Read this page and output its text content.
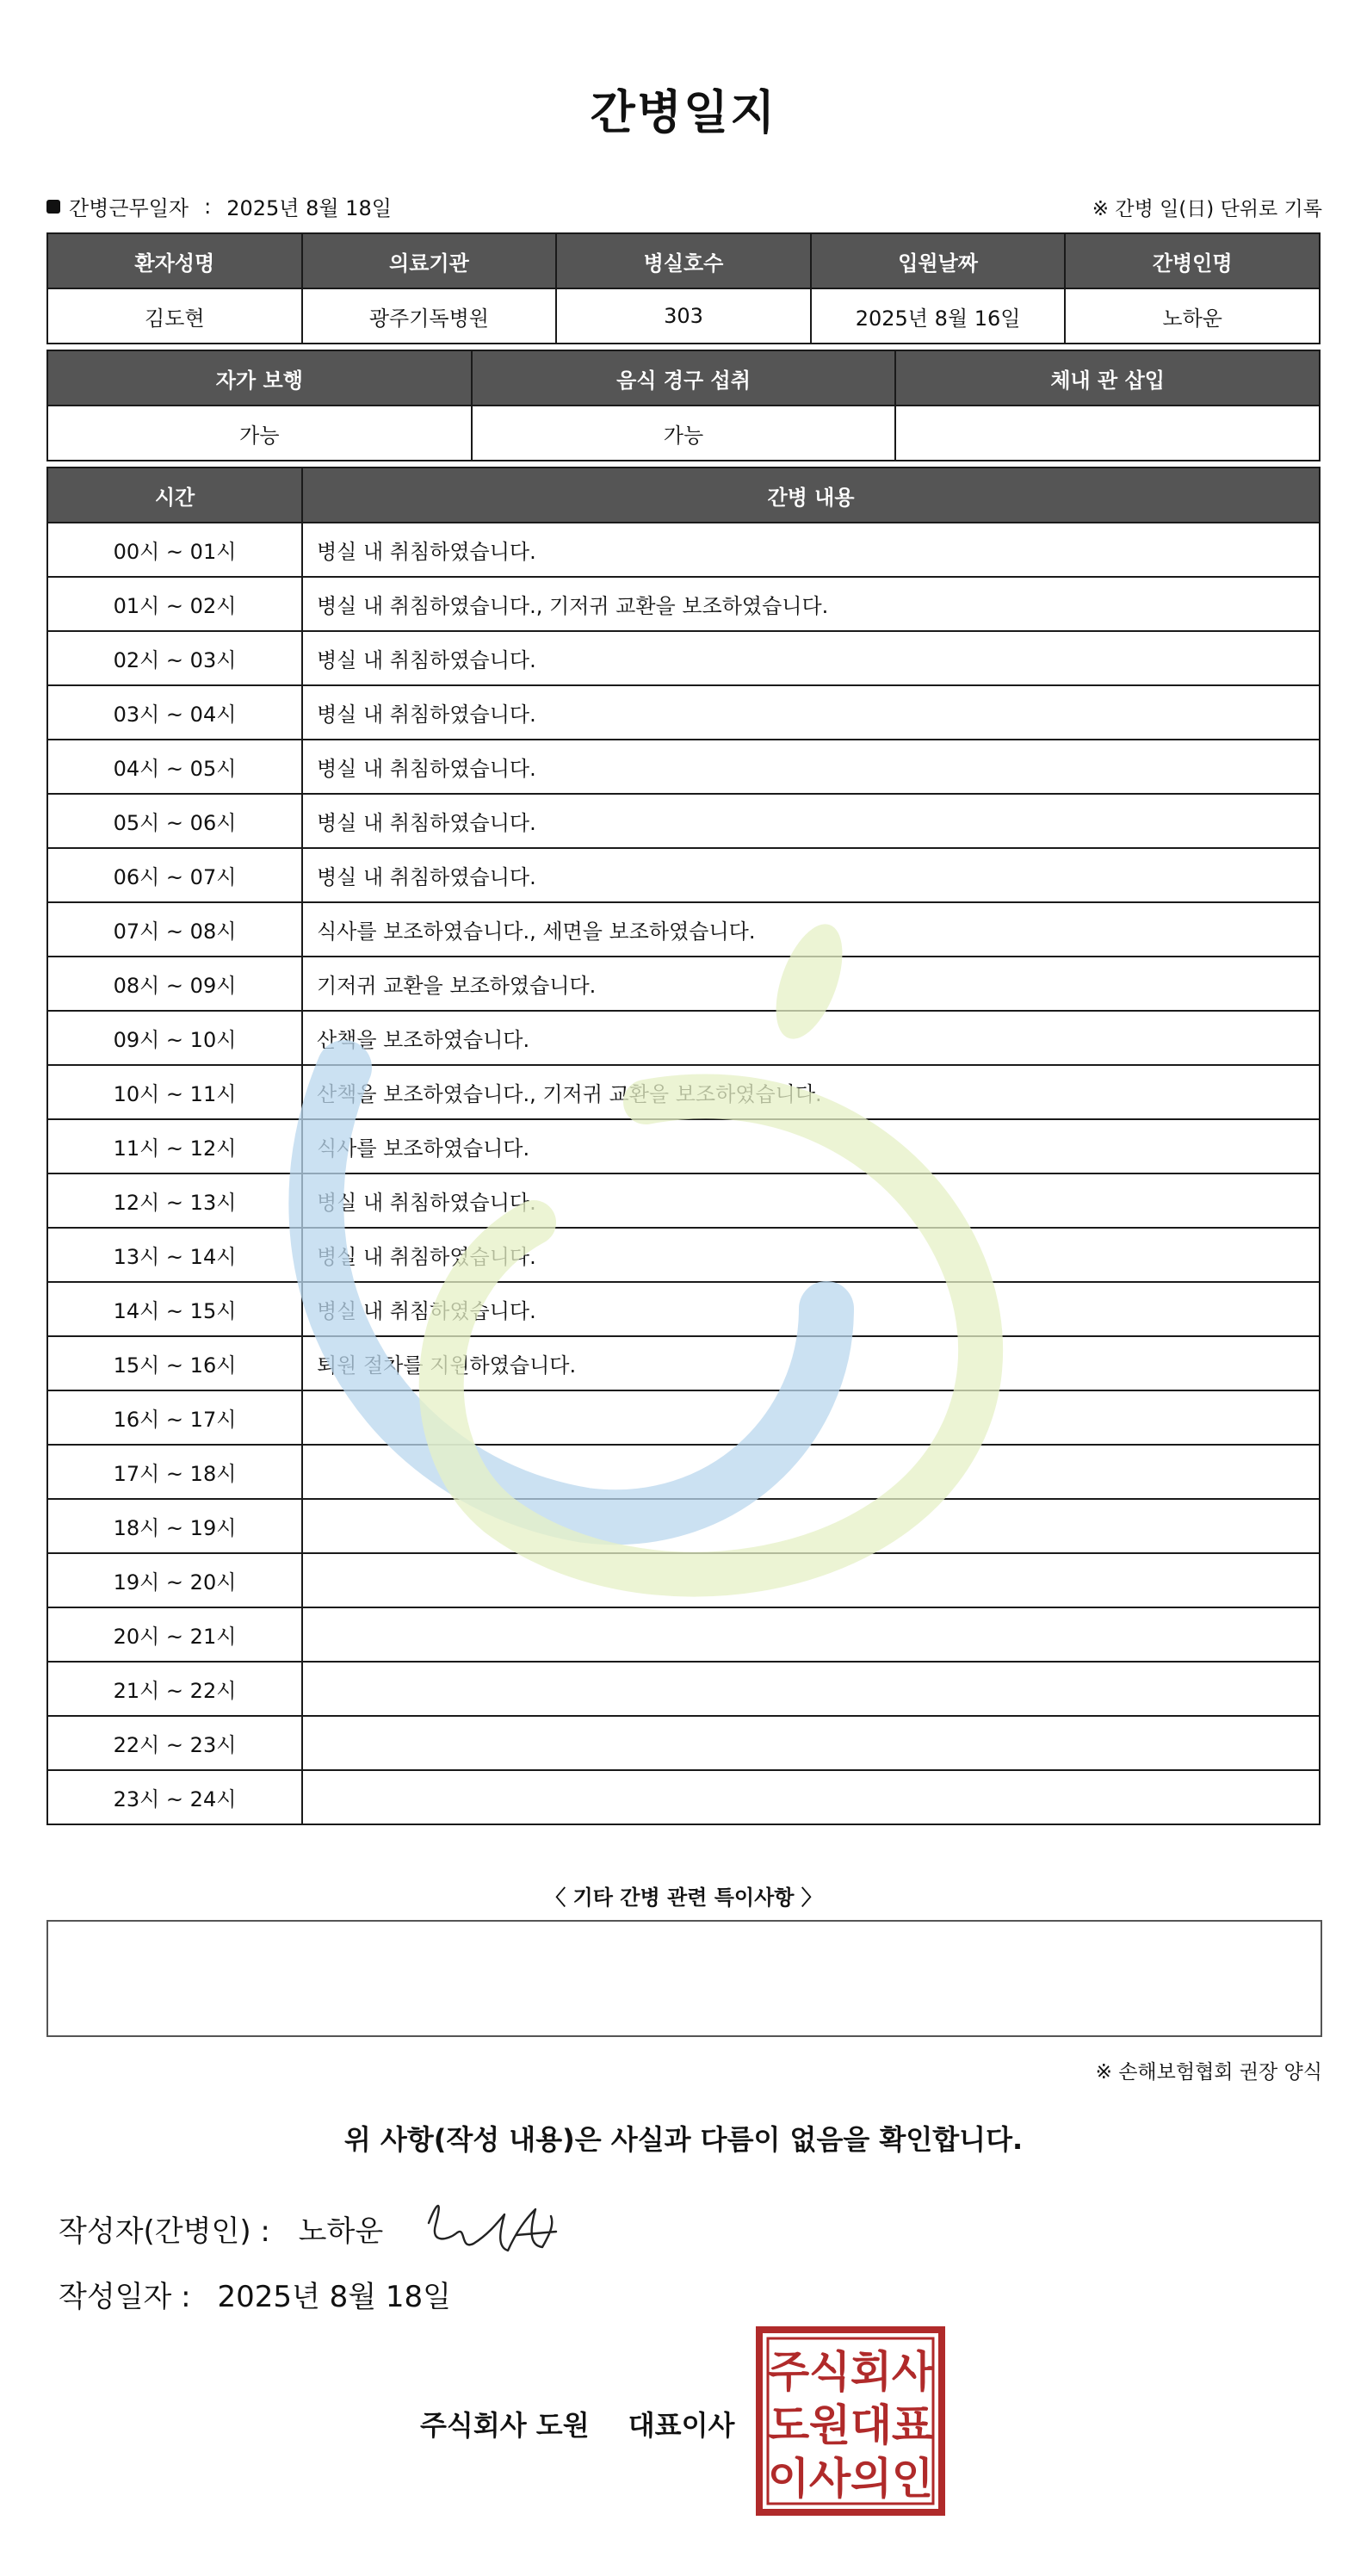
간병일지
간병근무일자 : 2025년 8월 18일	※ 간병 일(日) 단위로 기록
환자성명	의료기관	병실호수	입원날짜	간병인명
김도현	광주기독병원	303	2025년 8월 16일	노하운
자가 보행	음식 경구 섭취	체내 관 삽입
가능	가능	
시간	간병 내용
00시 ~ 01시	병실 내 취침하였습니다.
01시 ~ 02시	병실 내 취침하였습니다., 기저귀 교환을 보조하였습니다.
02시 ~ 03시	병실 내 취침하였습니다.
03시 ~ 04시	병실 내 취침하였습니다.
04시 ~ 05시	병실 내 취침하였습니다.
05시 ~ 06시	병실 내 취침하였습니다.
06시 ~ 07시	병실 내 취침하였습니다.
07시 ~ 08시	식사를 보조하였습니다., 세면을 보조하였습니다.
08시 ~ 09시	기저귀 교환을 보조하였습니다.
09시 ~ 10시	산책을 보조하였습니다.
10시 ~ 11시	산책을 보조하였습니다., 기저귀 교환을 보조하였습니다.
11시 ~ 12시	식사를 보조하였습니다.
12시 ~ 13시	병실 내 취침하였습니다.
13시 ~ 14시	병실 내 취침하였습니다.
14시 ~ 15시	병실 내 취침하였습니다.
15시 ~ 16시	퇴원 절차를 지원하였습니다.
16시 ~ 17시	
17시 ~ 18시	
18시 ~ 19시	
19시 ~ 20시	
20시 ~ 21시	
21시 ~ 22시	
22시 ~ 23시	
23시 ~ 24시	
〈 기타 간병 관련 특이사항 〉
※ 손해보험협회 권장 양식
위 사항(작성 내용)은 사실과 다름이 없음을 확인합니다.
작성자(간병인) : 노하운
작성일자 : 2025년 8월 18일
주식회사 도원 대표이사
주 식 회 사
도 원 대 표
이 사 의 인
